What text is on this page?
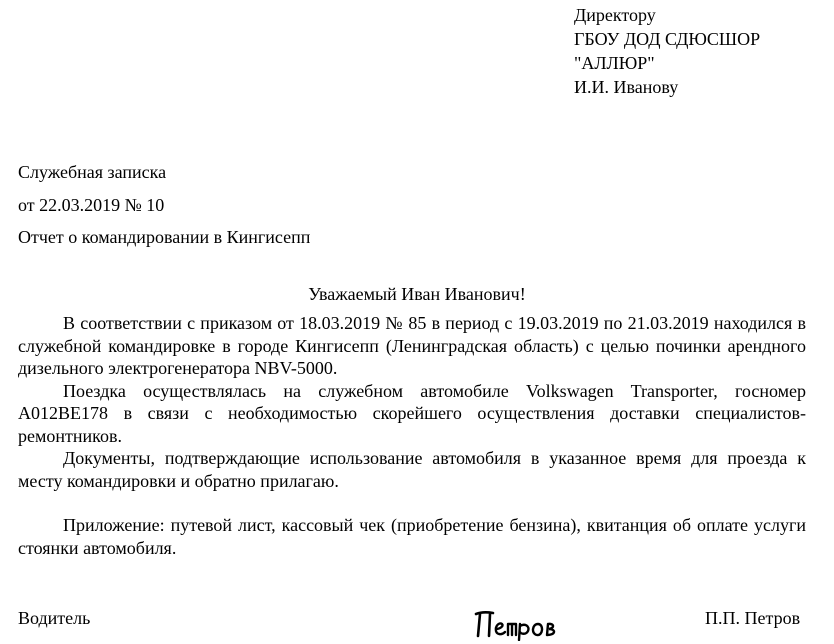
Директору
ГБОУ ДОД СДЮСШОР
"АЛЛЮР"
И.И. Иванову
Служебная записка
от 22.03.2019 № 10
Отчет о командировании в Кингисепп
Уважаемый Иван Иванович!

В соответствии с приказом от 18.03.2019 № 85 в период с 19.03.2019 по 21.03.2019 находился в служебной командировке в городе Кингисепп (Ленинградская область) с целью починки арендного дизельного электрогенератора NBV-5000.

Поездка осуществлялась на служебном автомобиле Volkswagen Transporter, госномер А012ВЕ178 в связи с необходимостью скорейшего осуществления доставки специалистов-ремонтников.

Документы, подтверждающие использование автомобиля в указанное время для проезда к месту командировки и обратно прилагаю.

Приложение: путевой лист, кассовый чек (приобретение бензина), квитанция об оплате услуги стоянки автомобиля.

Водитель	П.П. Петров
